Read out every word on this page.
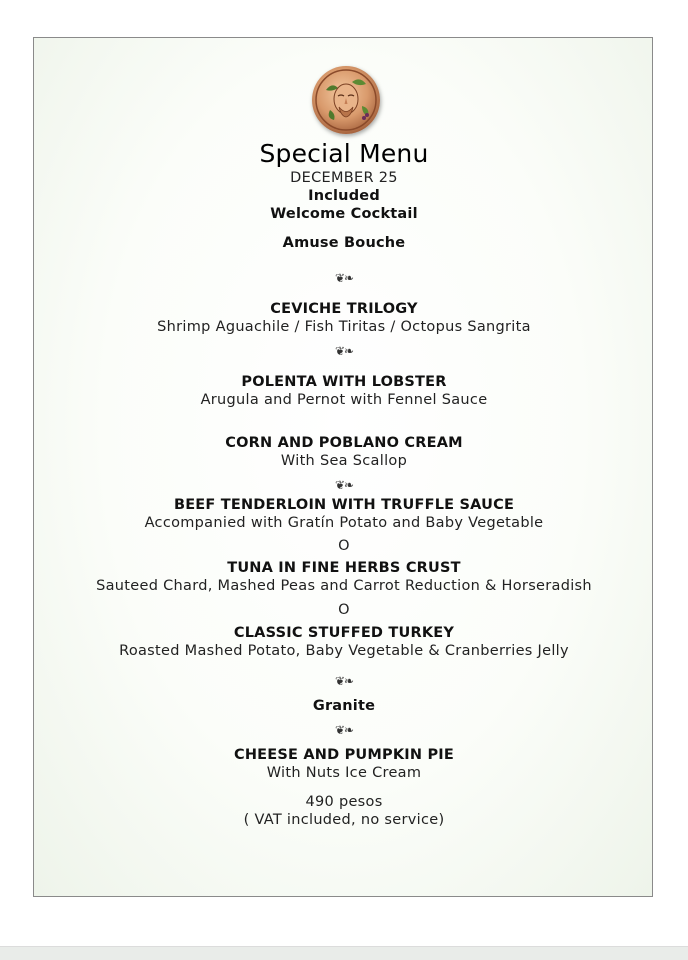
Special Menu
DECEMBER 25
Included
Welcome Cocktail
Amuse Bouche
❦❧
CEVICHE TRILOGY
Shrimp Aguachile / Fish Tiritas / Octopus Sangrita
❦❧
POLENTA WITH LOBSTER
Arugula and Pernot with Fennel Sauce
CORN AND POBLANO CREAM
With Sea Scallop
❦❧
BEEF TENDERLOIN WITH TRUFFLE SAUCE
Accompanied with Gratín Potato and Baby Vegetable
O
TUNA IN FINE HERBS CRUST
Sauteed Chard, Mashed Peas and Carrot Reduction & Horseradish
O
CLASSIC STUFFED TURKEY
Roasted Mashed Potato, Baby Vegetable & Cranberries Jelly
❦❧
Granite
❦❧
CHEESE AND PUMPKIN PIE
With Nuts Ice Cream
490 pesos
( VAT included, no service)
